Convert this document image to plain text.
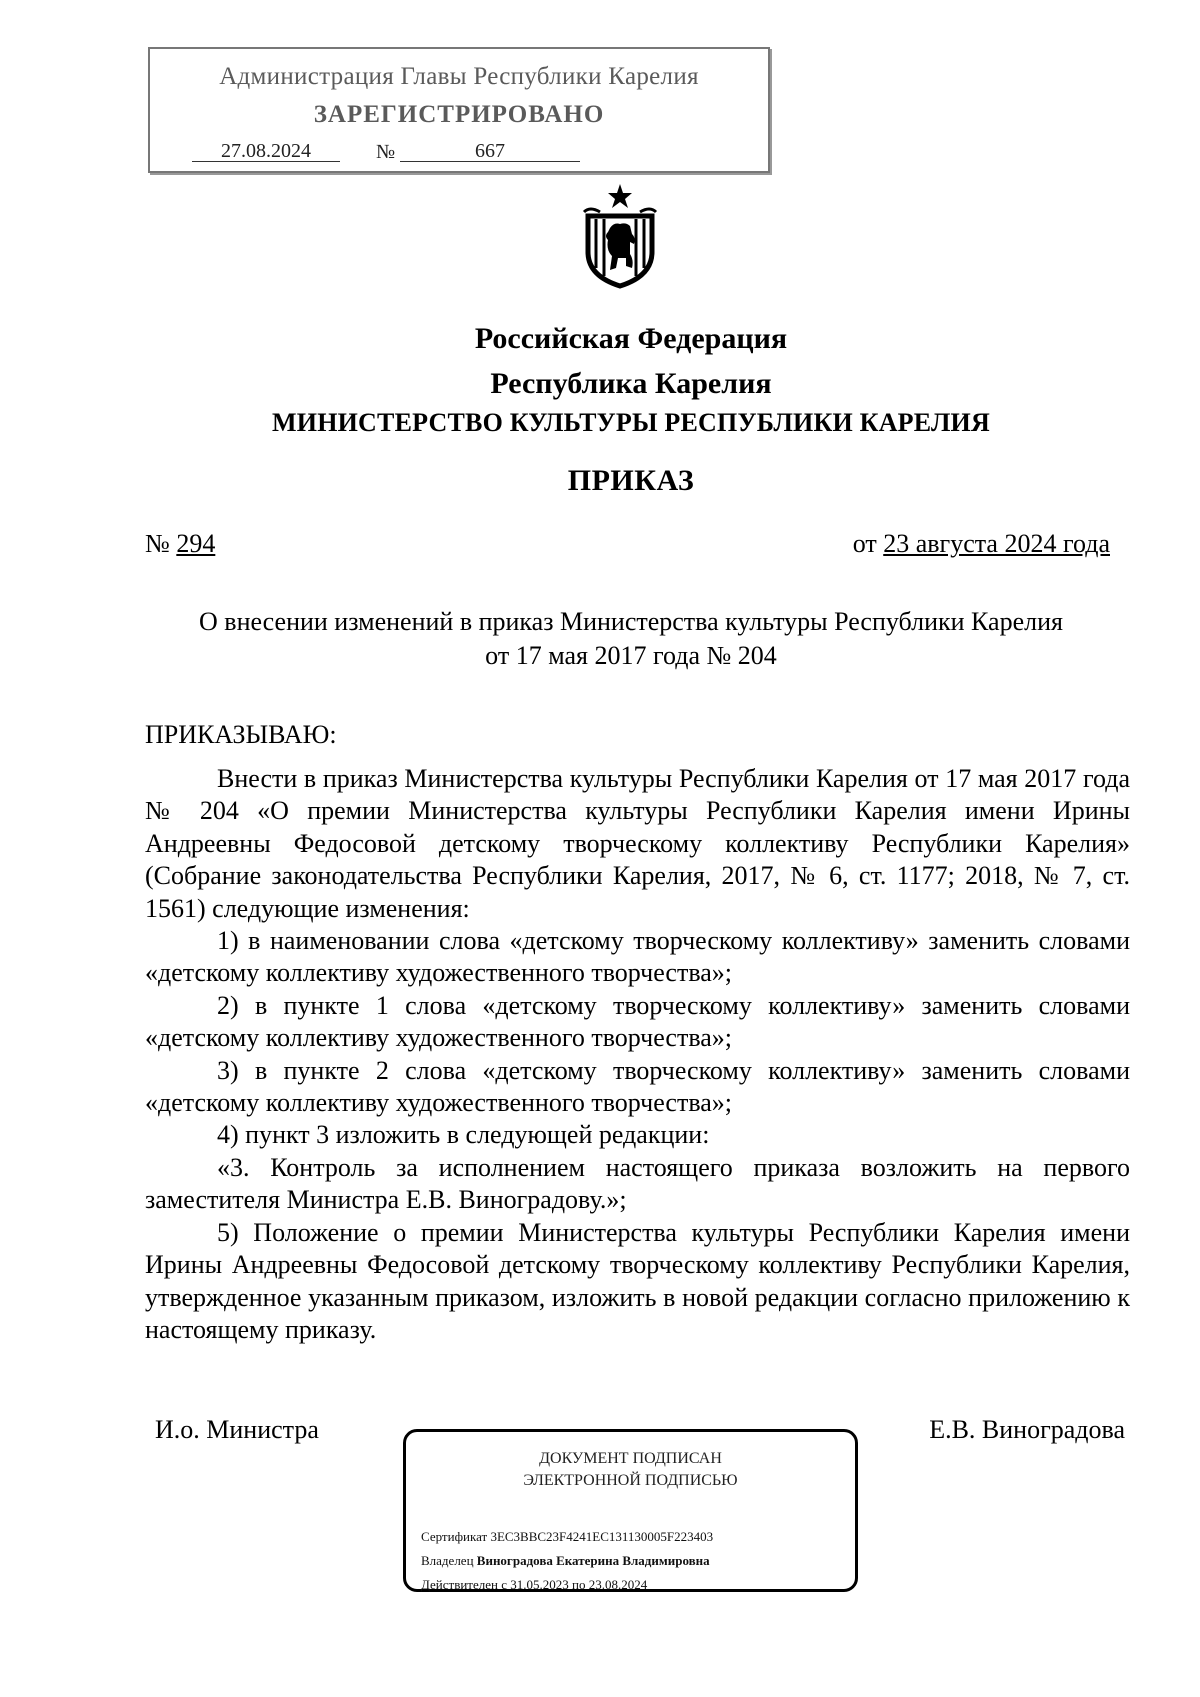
Администрация Главы Республики Карелия
ЗАРЕГИСТРИРОВАНО
27.08.2024	№	667
Российская Федерация
Республика Карелия
МИНИСТЕРСТВО КУЛЬТУРЫ РЕСПУБЛИКИ КАРЕЛИЯ
ПРИКАЗ
№ 294	от 23 августа 2024 года
О внесении изменений в приказ Министерства культуры Республики Карелия
от 17 мая 2017 года № 204
ПРИКАЗЫВАЮ:

Внести в приказ Министерства культуры Республики Карелия от 17 мая 2017 года № 204 «О премии Министерства культуры Республики Карелия имени Ирины Андреевны Федосовой детскому творческому коллективу Республики Карелия» (Собрание законодательства Республики Карелия, 2017, № 6, ст. 1177; 2018, № 7, ст. 1561) следующие изменения:

1) в наименовании слова «детскому творческому коллективу» заменить словами «детскому коллективу художественного творчества»;

2) в пункте 1 слова «детскому творческому коллективу» заменить словами «детскому коллективу художественного творчества»;

3) в пункте 2 слова «детскому творческому коллективу» заменить словами «детскому коллективу художественного творчества»;

4) пункт 3 изложить в следующей редакции:

«3. Контроль за исполнением настоящего приказа возложить на первого заместителя Министра Е.В. Виноградову.»;

5) Положение о премии Министерства культуры Республики Карелия имени Ирины Андреевны Федосовой детскому творческому коллективу Республики Карелия, утвержденное указанным приказом, изложить в новой редакции согласно приложению к настоящему приказу.

И.о. Министра	Е.В. Виноградова
ДОКУМЕНТ ПОДПИСАН
ЭЛЕКТРОННОЙ ПОДПИСЬЮ
Сертификат 3EC3BBC23F4241EC131130005F223403
Владелец Виноградова Екатерина Владимировна
Действителен с 31.05.2023 по 23.08.2024
